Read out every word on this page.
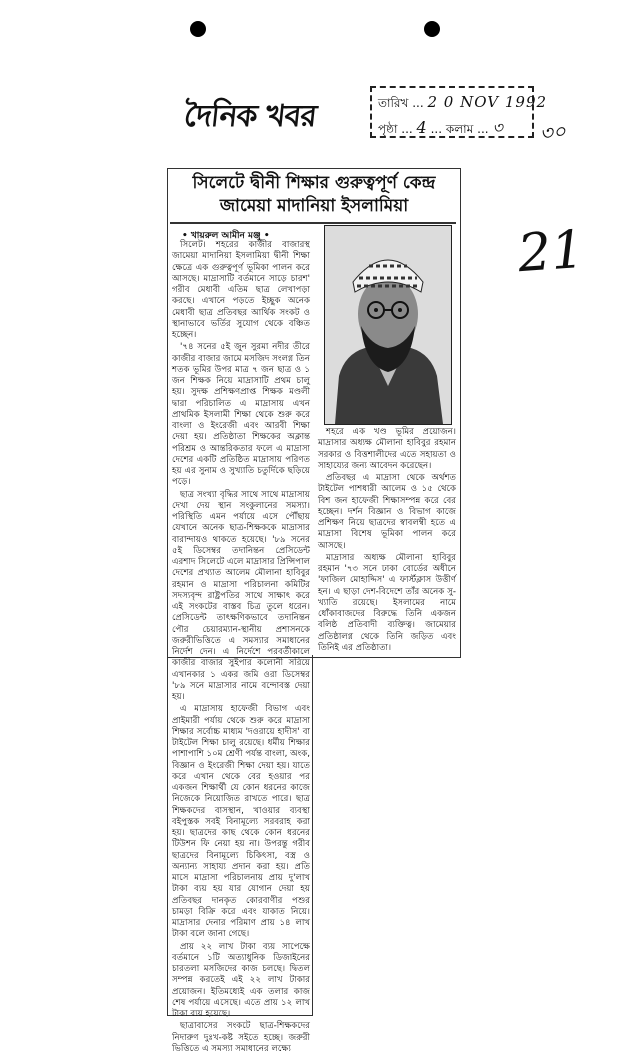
দৈনিক খবর	তারিখ ... 2 0 NOV 1992
পৃষ্ঠা ... 4 ... কলাম ... ৩ ৩০
21
সিলেটে দ্বীনী শিক্ষার গুরুত্বপূর্ণ কেন্দ্র
জামেয়া মাদানিয়া ইসলামিয়া
• খায়রুল আমীন মঞ্জু •

সিলেট। শহরের কাজীর বাজারস্থ জামেয়া মাদানিয়া ইসলামিয়া দ্বীনী শিক্ষা ক্ষেত্রে এক গুরুত্বপূর্ণ ভূমিকা পালন করে আসছে। মাদ্রাসাটি বর্তমানে সাড়ে চারশ' গরীব মেধাবী এতিম ছাত্র লেখাপড়া করছে। এখানে পড়তে ইচ্ছুক অনেক মেধাবী ছাত্র প্রতিবছর আর্থিক সংকট ও স্থানাভাবে ভর্তির সুযোগ থেকে বঞ্চিত হচ্ছেন।

'৭৪ সনের ৫ই জুন সুরমা নদীর তীরে কাজীর বাজার জামে মসজিদ সংলগ্ন তিন শতক ভূমির উপর মাত্র ৭ জন ছাত্র ও ১ জন শিক্ষক নিয়ে মাদ্রাসাটি প্রথম চালু হয়। সুদক্ষ প্রশিক্ষণপ্রাপ্ত শিক্ষক মণ্ডলী দ্বারা পরিচালিত এ মাদ্রাসায় এখন প্রাথমিক ইসলামী শিক্ষা থেকে শুরু করে বাংলা ও ইংরেজী এবং আরবী শিক্ষা দেয়া হয়। প্রতিষ্ঠাতা শিক্ষকের অক্লান্ত পরিশ্রম ও আন্তরিকতার ফলে এ মাদ্রাসা দেশের একটি প্রতিষ্ঠিত মাদ্রাসায় পরিণত হয় এর সুনাম ও সুখ্যাতি চতুর্দিকে ছড়িয়ে পড়ে।

ছাত্র সংখ্যা বৃদ্ধির সাথে সাথে মাদ্রাসায় দেখা দেয় স্থান সংকুলানের সমস্যা। পরিস্থিতি এমন পর্যায়ে এসে পৌঁছায় যেখানে অনেক ছাত্র-শিক্ষককে মাদ্রাসার বারান্দায়ও থাকতে হয়েছে। '৮৯ সনের ৫ই ডিসেম্বর তদানিন্তন প্রেসিডেন্ট এরশাদ সিলেটে এলে মাদ্রাসার প্রিন্সিপাল দেশের প্রখ্যাত আলেম মৌলানা হাবিবুর রহমান ও মাদ্রাসা পরিচালনা কমিটির সদস্যবৃন্দ রাষ্ট্রপতির সাথে সাক্ষাৎ করে এই সংকটের বাস্তব চিত্র তুলে ধরেন। প্রেসিডেন্ট তাৎক্ষণিকভাবে তদানিন্তন পৌর চেয়ারম্যান-স্থানীয় প্রশাসনকে জরুরীভিত্তিতে এ সমস্যার সমাধানের নির্দেশ দেন। এ নির্দেশে পরবর্তীকালে কাজীর বাজার সুইপার কলোনী সরিয়ে এখানকার ১ একর জমি ওরা ডিসেম্বর '৮৯ সনে মাদ্রাসার নামে বন্দোবস্ত দেয়া হয়।

এ মাদ্রাসায় হাফেজী বিভাগ এবং প্রাইমারী পর্যায় থেকে শুরু করে মাদ্রাসা শিক্ষার সর্বোচ্চ মাধ্যম 'দওরায়ে হাদীস' বা টাইটেল শিক্ষা চালু রয়েছে। ধর্মীয় শিক্ষার পাশাপাশি ১০ম শ্রেণী পর্যন্ত বাংলা, অংক, বিজ্ঞান ও ইংরেজী শিক্ষা দেয়া হয়। যাতে করে এখান থেকে বের হওয়ার পর একজন শিক্ষার্থী যে কোন ধরনের কাজে নিজেকে নিয়োজিত রাখতে পারে। ছাত্র শিক্ষকদের বাসস্থান, খাওয়ার ব্যবস্থা বইপুস্তক সবই বিনামূল্যে সরবরাহ করা হয়। ছাত্রদের কাছ থেকে কোন ধরনের টিউশন ফি নেয়া হয় না। উপরন্তু গরীব ছাত্রদের বিনামূল্যে চিকিৎসা, বস্ত্র ও অন্যান্য সাহায্য প্রদান করা হয়। প্রতি মাসে মাদ্রাসা পরিচালনায় প্রায় দু'লাখ টাকা ব্যয় হয় যার যোগান দেয়া হয় প্রতিবছর দানকৃত কোরবাণীর পশুর চামড়া বিক্রি করে এবং যাকাত নিয়ে। মাদ্রাসার দেনার পরিমাণ প্রায় ১৪ লাখ টাকা বলে জানা গেছে।

প্রায় ২২ লাখ টাকা ব্যয় সাপেক্ষে বর্তমানে ১টি অত্যাধুনিক ডিজাইনের চারতলা মসজিদের কাজ চলছে। দ্বিতল সম্পন্ন করতেই এই ২২ লাখ টাকার প্রয়োজন। ইতিমধ্যেই এক তলার কাজ শেষ পর্যায়ে এসেছে। এতে প্রায় ১২ লাখ টাকা ব্যয় হয়েছে।

ছাত্রাবাসের সংকটে ছাত্র-শিক্ষকদের নিদারুণ দুঃখ-কষ্ট সইতে হচ্ছে। জরুরী ভিত্তিতে এ সমস্যা সমাধানের লক্ষ্যে

শহরে এক খণ্ড ভূমির প্রয়োজন। মাদ্রাসার অধ্যক্ষ মৌলানা হাবিবুর রহমান সরকার ও বিত্তশালীদের এতে সহায়তা ও সাহায্যের জন্য আবেদন করেছেন।

প্রতিবছর এ মাদ্রাসা থেকে অর্থশত টাইটেল পাশধারী আলেম ও ১৫ থেকে বিশ জন হাফেজী শিক্ষাসম্পন্ন করে বের হচ্ছেন। দর্শন বিজ্ঞান ও বিভাগ কাজে প্রশিক্ষণ নিয়ে ছাত্রদের স্বাবলম্বী হতে এ মাদ্রাসা বিশেষ ভূমিকা পালন করে আসছে।

মাদ্রাসার অধ্যক্ষ মৌলানা হাবিবুর রহমান '৭৩ সনে ঢাকা বোর্ডের অধীনে 'ফাজিল মোহাদ্দিস' এ ফার্স্টক্লাস উত্তীর্ণ হন। এ ছাড়া দেশ-বিদেশে তাঁর অনেক সু-খ্যাতি রয়েছে। ইসলামের নামে ধোঁকাবাজদের বিরুদ্ধে তিনি একজন বলিষ্ঠ প্রতিবাদী ব্যক্তিত্ব। জামেয়ার প্রতিষ্ঠালগ্ন থেকে তিনি জড়িত এবং তিনিই এর প্রতিষ্ঠাতা।
